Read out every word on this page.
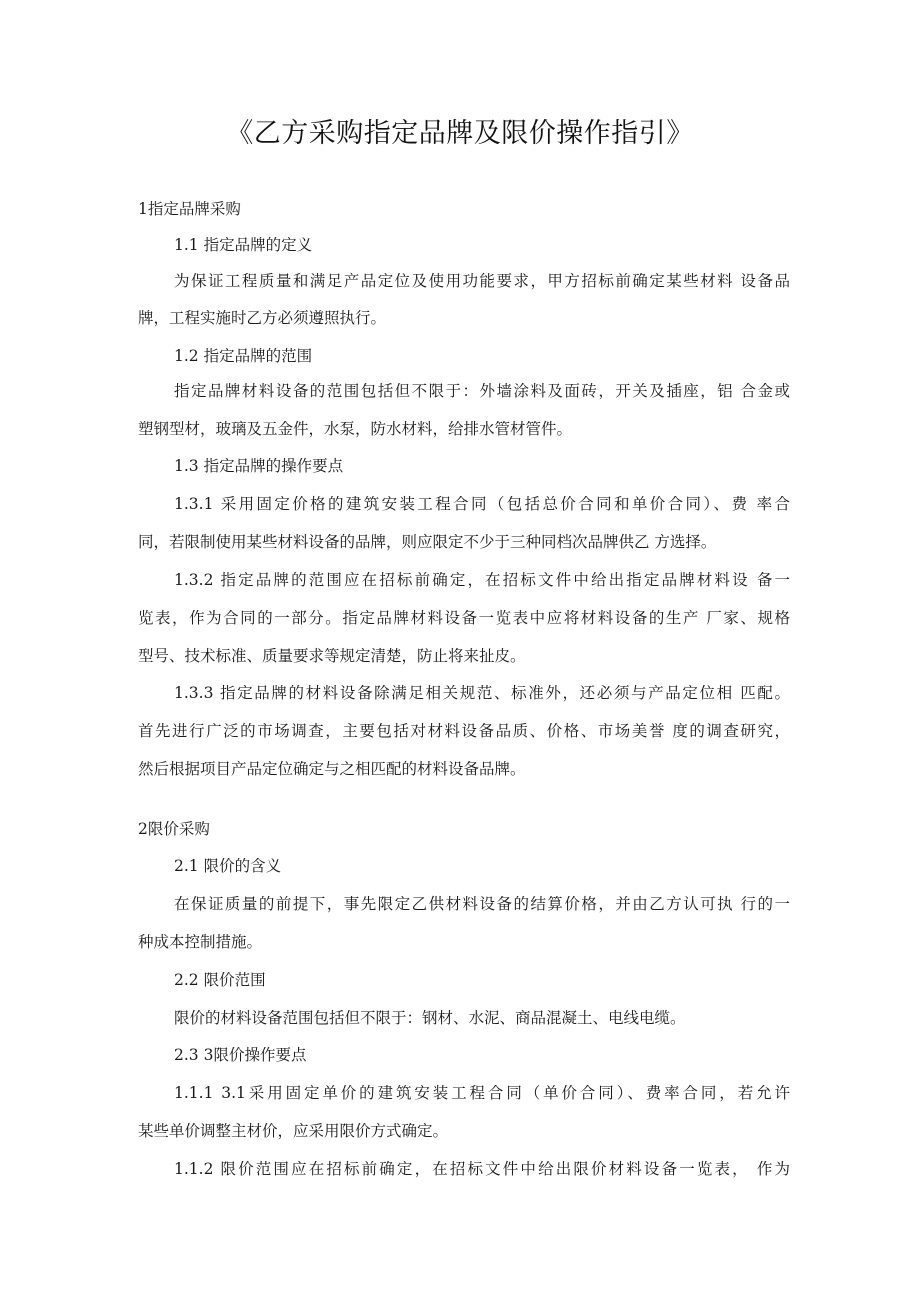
《乙方采购指定品牌及限价操作指引》
1指定品牌采购
1.1 指定品牌的定义
为保证工程质量和满足产品定位及使用功能要求，甲方招标前确定某些材料 设备品
牌，工程实施时乙方必须遵照执行。
1.2 指定品牌的范围
指定品牌材料设备的范围包括但不限于：外墙涂料及面砖，开关及插座，铝 合金或
塑钢型材，玻璃及五金件，水泵，防水材料，给排水管材管件。
1.3 指定品牌的操作要点
1.3.1 采用固定价格的建筑安装工程合同（包括总价合同和单价合同）、费 率合
同，若限制使用某些材料设备的品牌，则应限定不少于三种同档次品牌供乙 方选择。
1.3.2 指定品牌的范围应在招标前确定，在招标文件中给出指定品牌材料设 备一
览表，作为合同的一部分。指定品牌材料设备一览表中应将材料设备的生产 厂家、规格
型号、技术标准、质量要求等规定清楚，防止将来扯皮。
1.3.3 指定品牌的材料设备除满足相关规范、标准外，还必须与产品定位相 匹配。
首先进行广泛的市场调查，主要包括对材料设备品质、价格、市场美誉 度的调查研究，
然后根据项目产品定位确定与之相匹配的材料设备品牌。
2限价采购
2.1 限价的含义
在保证质量的前提下，事先限定乙供材料设备的结算价格，并由乙方认可执 行的一
种成本控制措施。
2.2 限价范围
限价的材料设备范围包括但不限于：钢材、水泥、商品混凝土、电线电缆。
2.3 3限价操作要点
1.1.1 3.1采用固定单价的建筑安装工程合同（单价合同）、费率合同，若允许
某些单价调整主材价，应采用限价方式确定。
1.1.2 限价范围应在招标前确定，在招标文件中给出限价材料设备一览表， 作为
